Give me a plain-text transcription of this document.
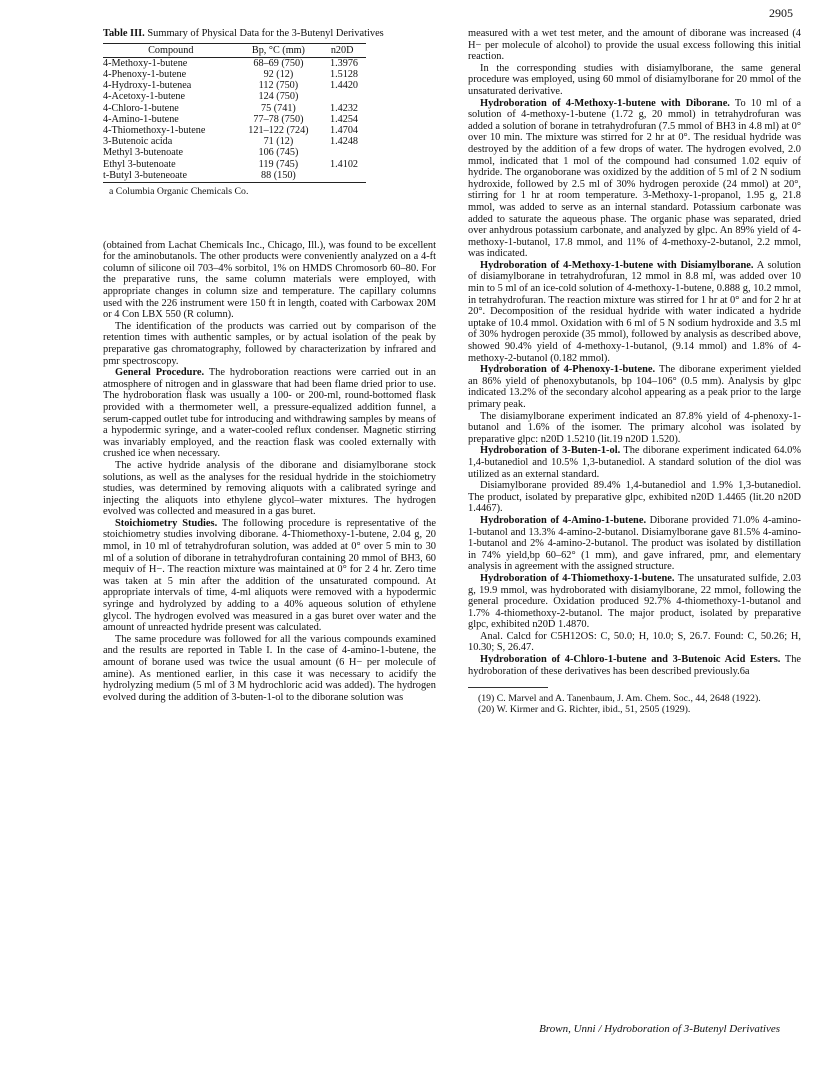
2905
Table III. Summary of Physical Data for the 3-Butenyl Derivatives
Compound	Bp, °C (mm)	n20D
4-Methoxy-1-butene	68–69 (750)	1.3976
4-Phenoxy-1-butene	92 (12)	1.5128
4-Hydroxy-1-butenea	112 (750)	1.4420
4-Acetoxy-1-butene	124 (750)	
4-Chloro-1-butene	75 (741)	1.4232
4-Amino-1-butene	77–78 (750)	1.4254
4-Thiomethoxy-1-butene	121–122 (724)	1.4704
3-Butenoic acida	71 (12)	1.4248
Methyl 3-butenoate	106 (745)	
Ethyl 3-butenoate	119 (745)	1.4102
t-Butyl 3-buteneoate	88 (150)	
a Columbia Organic Chemicals Co.

(obtained from Lachat Chemicals Inc., Chicago, Ill.), was found to be excellent for the aminobutanols. The other products were conveniently analyzed on a 4-ft column of silicone oil 703–4% sorbitol, 1% on HMDS Chromosorb 60–80. For the preparative runs, the same column materials were employed, with appropriate changes in column size and temperature. The capillary columns used with the 226 instrument were 150 ft in length, coated with Carbowax 20M or 4 Con LBX 550 (R column).

The identification of the products was carried out by comparison of the retention times with authentic samples, or by actual isolation of the peak by preparative gas chromatography, followed by characterization by infrared and pmr spectroscopy.

General Procedure. The hydroboration reactions were carried out in an atmosphere of nitrogen and in glassware that had been flame dried prior to use. The hydroboration flask was usually a 100- or 200-ml, round-bottomed flask provided with a thermometer well, a pressure-equalized addition funnel, a serum-capped outlet tube for introducing and withdrawing samples by means of a hypodermic syringe, and a water-cooled reflux condenser. Magnetic stirring was invariably employed, and the reaction flask was cooled externally with crushed ice when necessary.

The active hydride analysis of the diborane and disiamylborane stock solutions, as well as the analyses for the residual hydride in the stoichiometry studies, was determined by removing aliquots with a calibrated syringe and injecting the aliquots into ethylene glycol–water mixtures. The hydrogen evolved was collected and measured in a gas buret.

Stoichiometry Studies. The following procedure is representative of the stoichiometry studies involving diborane. 4-Thiomethoxy-1-butene, 2.04 g, 20 mmol, in 10 ml of tetrahydrofuran solution, was added at 0° over 5 min to 30 ml of a solution of diborane in tetrahydrofuran containing 20 mmol of BH3, 60 mequiv of H−. The reaction mixture was maintained at 0° for 2 4 hr. Zero time was taken at 5 min after the addition of the unsaturated compound. At appropriate intervals of time, 4-ml aliquots were removed with a hypodermic syringe and hydrolyzed by adding to a 40% aqueous solution of ethylene glycol. The hydrogen evolved was measured in a gas buret over water and the amount of unreacted hydride present was calculated.

The same procedure was followed for all the various compounds examined and the results are reported in Table I. In the case of 4-amino-1-butene, the amount of borane used was twice the usual amount (6 H− per molecule of amine). As mentioned earlier, in this case it was necessary to acidify the hydrolyzing medium (5 ml of 3 M hydrochloric acid was added). The hydrogen evolved during the addition of 3-buten-1-ol to the diborane solution was

measured with a wet test meter, and the amount of diborane was increased (4 H− per molecule of alcohol) to provide the usual excess following this initial reaction.

In the corresponding studies with disiamylborane, the same general procedure was employed, using 60 mmol of disiamylborane for 20 mmol of the unsaturated derivative.

Hydroboration of 4-Methoxy-1-butene with Diborane. To 10 ml of a solution of 4-methoxy-1-butene (1.72 g, 20 mmol) in tetrahydrofuran was added a solution of borane in tetrahydrofuran (7.5 mmol of BH3 in 4.8 ml) at 0° over 10 min. The mixture was stirred for 2 hr at 0°. The residual hydride was destroyed by the addition of a few drops of water. The hydrogen evolved, 2.0 mmol, indicated that 1 mol of the compound had consumed 1.02 equiv of hydride. The organoborane was oxidized by the addition of 5 ml of 2 N sodium hydroxide, followed by 2.5 ml of 30% hydrogen peroxide (24 mmol) at 20°, stirring for 1 hr at room temperature. 3-Methoxy-1-propanol, 1.95 g, 21.8 mmol, was added to serve as an internal standard. Potassium carbonate was added to saturate the aqueous phase. The organic phase was separated, dried over anhydrous potassium carbonate, and analyzed by glpc. An 89% yield of 4-methoxy-1-butanol, 17.8 mmol, and 11% of 4-methoxy-2-butanol, 2.2 mmol, was indicated.

Hydroboration of 4-Methoxy-1-butene with Disiamylborane. A solution of disiamylborane in tetrahydrofuran, 12 mmol in 8.8 ml, was added over 10 min to 5 ml of an ice-cold solution of 4-methoxy-1-butene, 0.888 g, 10.2 mmol, in tetrahydrofuran. The reaction mixture was stirred for 1 hr at 0° and for 2 hr at 20°. Decomposition of the residual hydride with water indicated a hydride uptake of 10.4 mmol. Oxidation with 6 ml of 5 N sodium hydroxide and 3.5 ml of 30% hydrogen peroxide (35 mmol), followed by analysis as described above, showed 90.4% yield of 4-methoxy-1-butanol, (9.14 mmol) and 1.8% of 4-methoxy-2-butanol (0.182 mmol).

Hydroboration of 4-Phenoxy-1-butene. The diborane experiment yielded an 86% yield of phenoxybutanols, bp 104–106° (0.5 mm). Analysis by glpc indicated 13.2% of the secondary alcohol appearing as a peak prior to the large primary peak.

The disiamylborane experiment indicated an 87.8% yield of 4-phenoxy-1-butanol and 1.6% of the isomer. The primary alcohol was isolated by preparative glpc: n20D 1.5210 (lit.19 n20D 1.520).

Hydroboration of 3-Buten-1-ol. The diborane experiment indicated 64.0% 1,4-butanediol and 10.5% 1,3-butanediol. A standard solution of the diol was utilized as an external standard.

Disiamylborane provided 89.4% 1,4-butanediol and 1.9% 1,3-butanediol. The product, isolated by preparative glpc, exhibited n20D 1.4465 (lit.20 n20D 1.4467).

Hydroboration of 4-Amino-1-butene. Diborane provided 71.0% 4-amino-1-butanol and 13.3% 4-amino-2-butanol. Disiamylborane gave 81.5% 4-amino-1-butanol and 2% 4-amino-2-butanol. The product was isolated by distillation in 74% yield,bp 60–62° (1 mm), and gave infrared, pmr, and elementary analysis in agreement with the assigned structure.

Hydroboration of 4-Thiomethoxy-1-butene. The unsaturated sulfide, 2.03 g, 19.9 mmol, was hydroborated with disiamylborane, 22 mmol, following the general procedure. Oxidation produced 92.7% 4-thiomethoxy-1-butanol and 1.7% 4-thiomethoxy-2-butanol. The major product, isolated by preparative glpc, exhibited n20D 1.4870.

Anal. Calcd for C5H12OS: C, 50.0; H, 10.0; S, 26.7. Found: C, 50.26; H, 10.30; S, 26.47.

Hydroboration of 4-Chloro-1-butene and 3-Butenoic Acid Esters. The hydroboration of these derivatives has been described previously.6a

(19) C. Marvel and A. Tanenbaum, J. Am. Chem. Soc., 44, 2648 (1922).
(20) W. Kirmer and G. Richter, ibid., 51, 2505 (1929).
Brown, Unni / Hydroboration of 3-Butenyl Derivatives
